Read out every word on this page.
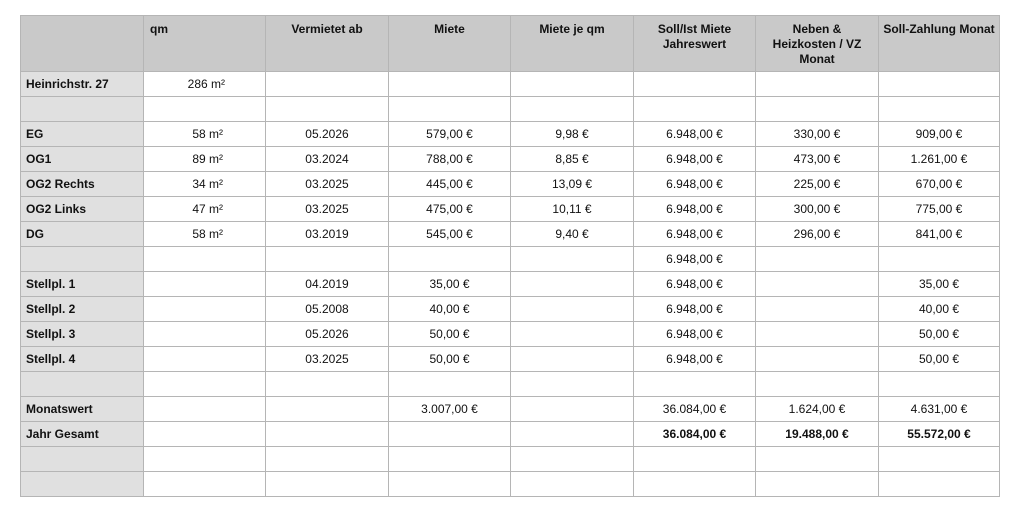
	qm	Vermietet ab	Miete	Miete je qm	Soll/Ist Miete Jahreswert	Neben & Heizkosten / VZ Monat	Soll-Zahlung Monat
Heinrichstr. 27	286 m²						

EG	58 m²	05.2026	579,00 €	9,98 €	6.948,00 €	330,00 €	909,00 €
OG1	89 m²	03.2024	788,00 €	8,85 €	6.948,00 €	473,00 €	1.261,00 €
OG2 Rechts	34 m²	03.2025	445,00 €	13,09 €	6.948,00 €	225,00 €	670,00 €
OG2 Links	47 m²	03.2025	475,00 €	10,11 €	6.948,00 €	300,00 €	775,00 €
DG	58 m²	03.2019	545,00 €	9,40 €	6.948,00 €	296,00 €	841,00 €
					6.948,00 €		
Stellpl. 1		04.2019	35,00 €		6.948,00 €		35,00 €
Stellpl. 2		05.2008	40,00 €		6.948,00 €		40,00 €
Stellpl. 3		05.2026	50,00 €		6.948,00 €		50,00 €
Stellpl. 4		03.2025	50,00 €		6.948,00 €		50,00 €

Monatswert			3.007,00 €		36.084,00 €	1.624,00 €	4.631,00 €
Jahr Gesamt					36.084,00 €	19.488,00 €	55.572,00 €
